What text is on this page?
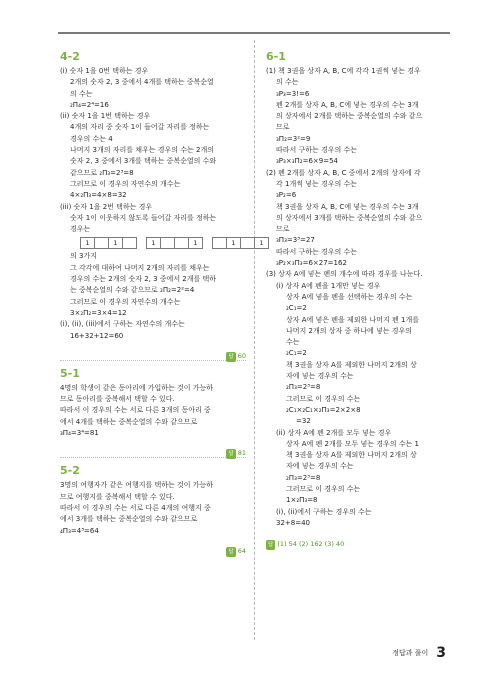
4-2
(i) 숫자 1을 0번 택하는 경우
2개의 숫자 2, 3 중에서 4개를 택하는 중복순열
의 수는
₂Π₄=2⁴=16
(ii) 숫자 1을 1번 택하는 경우
4개의 자리 중 숫자 1이 들어갈 자리를 정하는
경우의 수는 4
나머지 3개의 자리를 채우는 경우의 수는 2개의
숫자 2, 3 중에서 3개를 택하는 중복순열의 수와
같으므로 ₂Π₃=2³=8
그러므로 이 경우의 자연수의 개수는
4×₂Π₃=4×8=32
(iii) 숫자 1을 2번 택하는 경우
숫자 1이 이웃하지 않도록 들어갈 자리를 정하는
경우는
1	1	1	1	1	1
의 3가지
그 각각에 대하여 나머지 2개의 자리를 채우는
경우의 수는 2개의 숫자 2, 3 중에서 2개를 택하
는 중복순열의 수와 같으므로 ₂Π₂=2²=4
그러므로 이 경우의 자연수의 개수는
3×₂Π₂=3×4=12
(i), (ii), (iii)에서 구하는 자연수의 개수는
16+32+12=60
답 60
5-1
4명의 학생이 같은 동아리에 가입하는 것이 가능하
므로 동아리를 중복해서 택할 수 있다.
따라서 이 경우의 수는 서로 다른 3개의 동아리 중
에서 4개를 택하는 중복순열의 수와 같으므로
₃Π₄=3⁴=81
답 81
5-2
3명의 여행자가 같은 여행지를 택하는 것이 가능하
므로 여행지를 중복해서 택할 수 있다.
따라서 이 경우의 수는 서로 다른 4개의 여행지 중
에서 3개를 택하는 중복순열의 수와 같으므로
₄Π₃=4³=64
답 64
6-1
(1) 책 3권을 상자 A, B, C에 각각 1권씩 넣는 경우
의 수는
₃P₃=3!=6
펜 2개를 상자 A, B, C에 넣는 경우의 수는 3개
의 상자에서 2개를 택하는 중복순열의 수와 같으
므로
₃Π₂=3²=9
따라서 구하는 경우의 수는
₃P₃×₃Π₂=6×9=54
(2) 펜 2개를 상자 A, B, C 중에서 2개의 상자에 각
각 1개씩 넣는 경우의 수는
₃P₂=6
책 3권을 상자 A, B, C에 넣는 경우의 수는 3개
의 상자에서 3개를 택하는 중복순열의 수와 같으
므로
₃Π₃=3³=27
따라서 구하는 경우의 수는
₃P₂×₃Π₃=6×27=162
(3) 상자 A에 넣는 펜의 개수에 따라 경우를 나눈다.
(i) 상자 A에 펜을 1개만 넣는 경우
상자 A에 넣을 펜을 선택하는 경우의 수는
₂C₁=2
상자 A에 넣은 펜을 제외한 나머지 펜 1개를
나머지 2개의 상자 중 하나에 넣는 경우의
수는
₂C₁=2
책 3권을 상자 A를 제외한 나머지 2개의 상
자에 넣는 경우의 수는
₂Π₃=2³=8
그러므로 이 경우의 수는
₂C₁×₂C₁×₂Π₃=2×2×8
=32
(ii) 상자 A에 펜 2개를 모두 넣는 경우
상자 A에 펜 2개를 모두 넣는 경우의 수는 1
책 3권을 상자 A를 제외한 나머지 2개의 상
자에 넣는 경우의 수는
₂Π₃=2³=8
그러므로 이 경우의 수는
1×₂Π₃=8
(i), (ii)에서 구하는 경우의 수는
32+8=40
답 (1) 54 (2) 162 (3) 40
정답과 풀이 3
